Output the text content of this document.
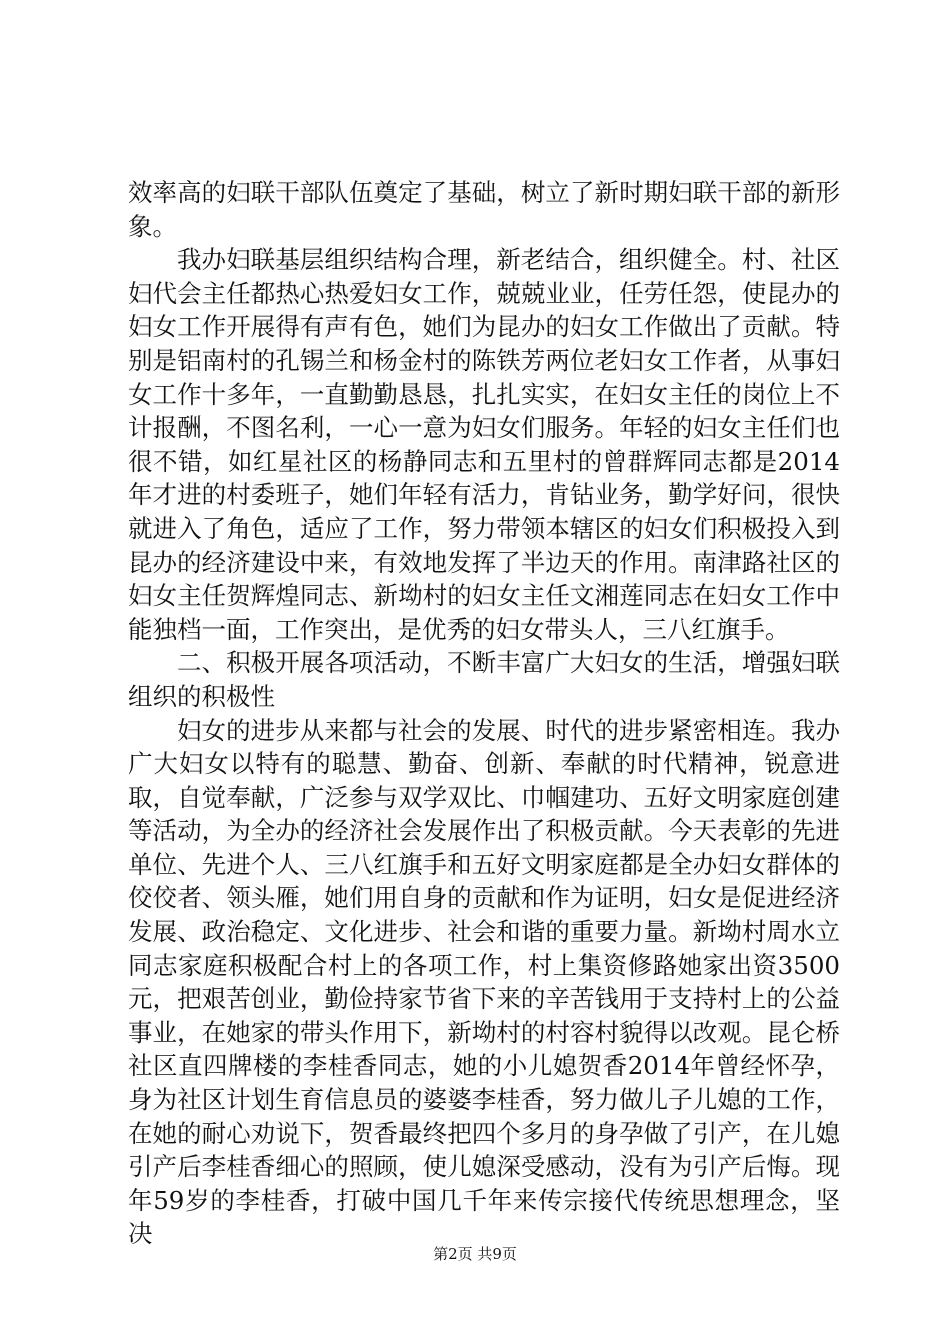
效率高的妇联干部队伍奠定了基础，树立了新时期妇联干部的新形象。

我办妇联基层组织结构合理，新老结合，组织健全。村、社区妇代会主任都热心热爱妇女工作，兢兢业业，任劳任怨，使昆办的妇女工作开展得有声有色，她们为昆办的妇女工作做出了贡献。特别是铝南村的孔锡兰和杨金村的陈铁芳两位老妇女工作者，从事妇女工作十多年，一直勤勤恳恳，扎扎实实，在妇女主任的岗位上不计报酬，不图名利，一心一意为妇女们服务。年轻的妇女主任们也很不错，如红星社区的杨静同志和五里村的曾群辉同志都是2014年才进的村委班子，她们年轻有活力，肯钻业务，勤学好问，很快就进入了角色，适应了工作，努力带领本辖区的妇女们积极投入到昆办的经济建设中来，有效地发挥了半边天的作用。南津路社区的妇女主任贺辉煌同志、新坳村的妇女主任文湘莲同志在妇女工作中能独档一面，工作突出，是优秀的妇女带头人，三八红旗手。

二、积极开展各项活动，不断丰富广大妇女的生活，增强妇联组织的积极性

妇女的进步从来都与社会的发展、时代的进步紧密相连。我办广大妇女以特有的聪慧、勤奋、创新、奉献的时代精神，锐意进取，自觉奉献，广泛参与双学双比、巾帼建功、五好文明家庭创建等活动，为全办的经济社会发展作出了积极贡献。今天表彰的先进单位、先进个人、三八红旗手和五好文明家庭都是全办妇女群体的佼佼者、领头雁，她们用自身的贡献和作为证明，妇女是促进经济发展、政治稳定、文化进步、社会和谐的重要力量。新坳村周水立同志家庭积极配合村上的各项工作，村上集资修路她家出资3500元，把艰苦创业，勤俭持家节省下来的辛苦钱用于支持村上的公益事业，在她家的带头作用下，新坳村的村容村貌得以改观。昆仑桥社区直四牌楼的李桂香同志，她的小儿媳贺香2014年曾经怀孕，身为社区计划生育信息员的婆婆李桂香，努力做儿子儿媳的工作，在她的耐心劝说下，贺香最终把四个多月的身孕做了引产，在儿媳引产后李桂香细心的照顾，使儿媳深受感动，没有为引产后悔。现年59岁的李桂香，打破中国几千年来传宗接代传统思想理念，坚决

第2页 共9页
